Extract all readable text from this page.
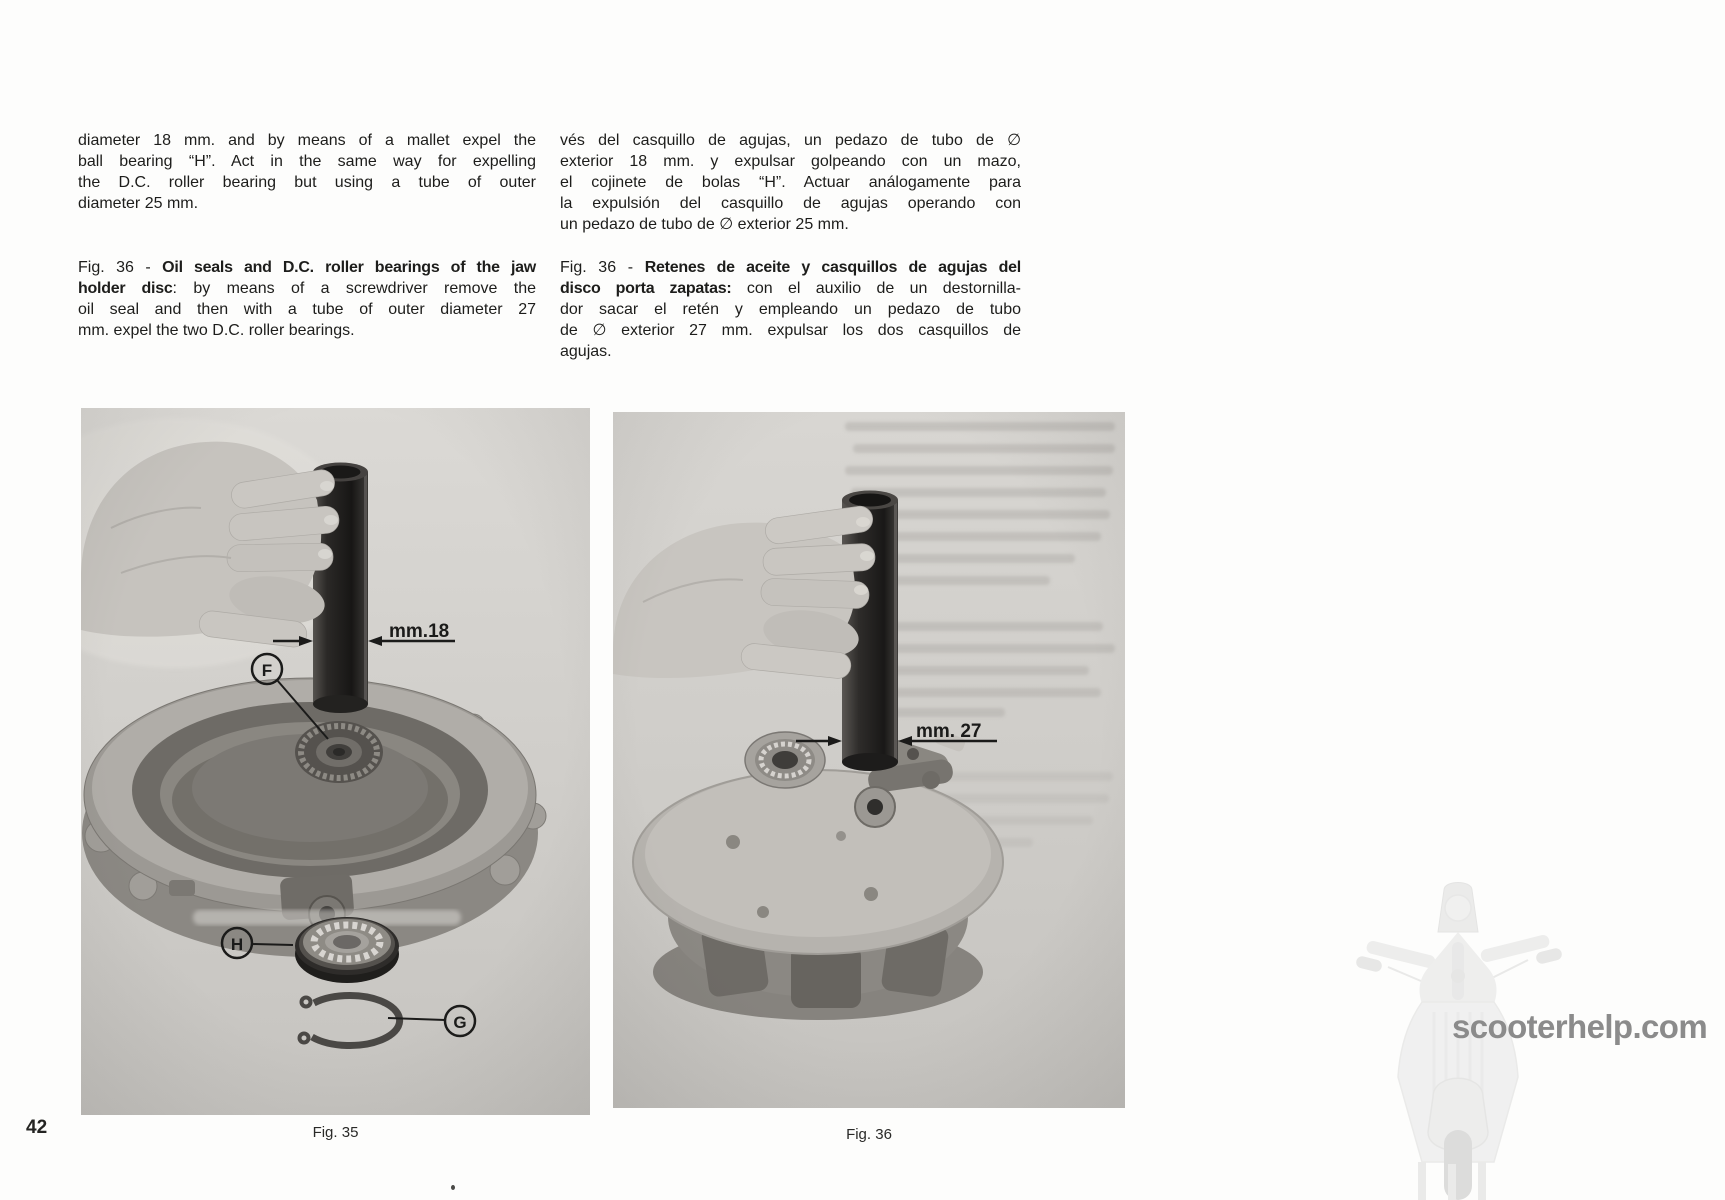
diameter 18 mm. and by means of a mallet expel the
ball bearing “H”. Act in the same way for expelling
the D.C. roller bearing but using a tube of outer
diameter 25 mm.
Fig. 36 - Oil seals and D.C. roller bearings of the jaw
holder disc: by means of a screwdriver remove the
oil seal and then with a tube of outer diameter 27
mm. expel the two D.C. roller bearings.
vés del casquillo de agujas, un pedazo de tubo de ∅
exterior 18 mm. y expulsar golpeando con un mazo,
el cojinete de bolas “H”. Actuar análogamente para
la expulsión del casquillo de agujas operando con
un pedazo de tubo de ∅ exterior 25 mm.
Fig. 36 - Retenes de aceite y casquillos de agujas del
disco porta zapatas: con el auxilio de un destornilla-
dor sacar el retén y empleando un pedazo de tubo
de ∅ exterior 27 mm. expulsar los dos casquillos de
agujas.
42	Fig. 35	Fig. 36
scooterhelp.com
